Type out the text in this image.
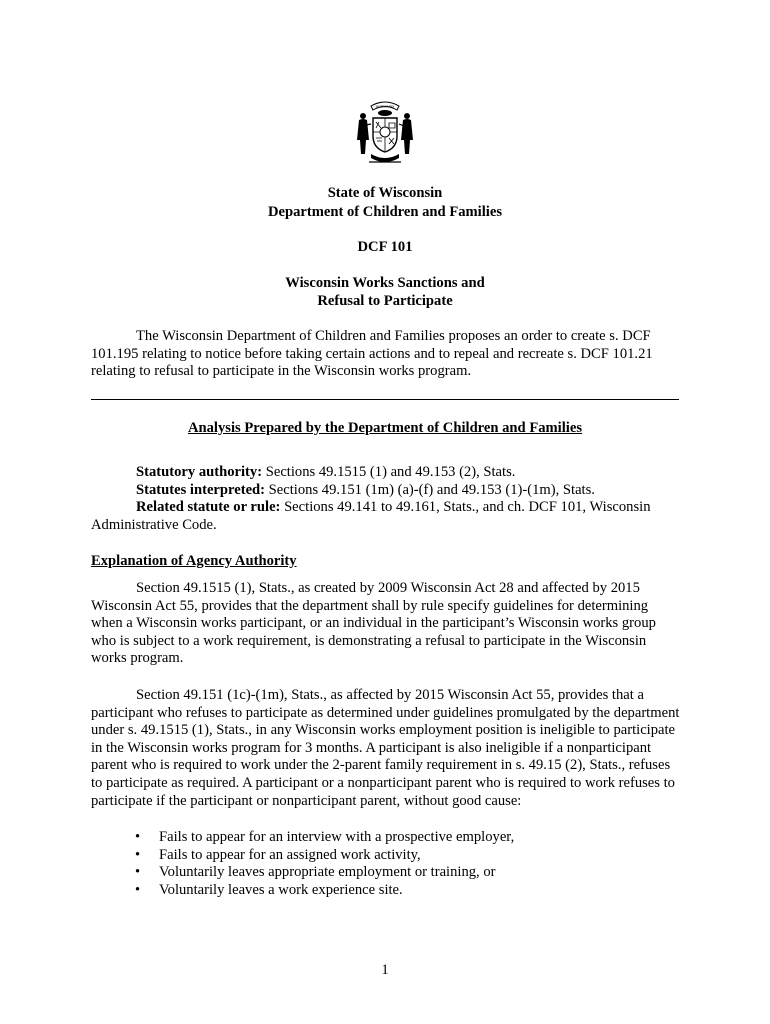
FORWARD
State of Wisconsin
Department of Children and Families
DCF 101
Wisconsin Works Sanctions and
Refusal to Participate

The Wisconsin Department of Children and Families proposes an order to create s. DCF 101.195 relating to notice before taking certain actions and to repeal and recreate s. DCF 101.21 relating to refusal to participate in the Wisconsin works program.

Analysis Prepared by the Department of Children and Families

Statutory authority: Sections 49.1515 (1) and 49.153 (2), Stats.

Statutes interpreted: Sections 49.151 (1m) (a)-(f) and 49.153 (1)-(1m), Stats.

Related statute or rule: Sections 49.141 to 49.161, Stats., and ch. DCF 101, Wisconsin Administrative Code.

Explanation of Agency Authority

Section 49.1515 (1), Stats., as created by 2009 Wisconsin Act 28 and affected by 2015 Wisconsin Act 55, provides that the department shall by rule specify guidelines for determining when a Wisconsin works participant, or an individual in the participant’s Wisconsin works group who is subject to a work requirement, is demonstrating a refusal to participate in the Wisconsin works program.

Section 49.151 (1c)-(1m), Stats., as affected by 2015 Wisconsin Act 55, provides that a participant who refuses to participate as determined under guidelines promulgated by the department under s. 49.1515 (1), Stats., in any Wisconsin works employment position is ineligible to participate in the Wisconsin works program for 3 months. A participant is also ineligible if a nonparticipant parent who is required to work under the 2-parent family requirement in s. 49.15 (2), Stats., refuses to participate as required. A participant or a nonparticipant parent who is required to work refuses to participate if the participant or nonparticipant parent, without good cause:

• Fails to appear for an interview with a prospective employer,
• Fails to appear for an assigned work activity,
• Voluntarily leaves appropriate employment or training, or
• Voluntarily leaves a work experience site.
1
